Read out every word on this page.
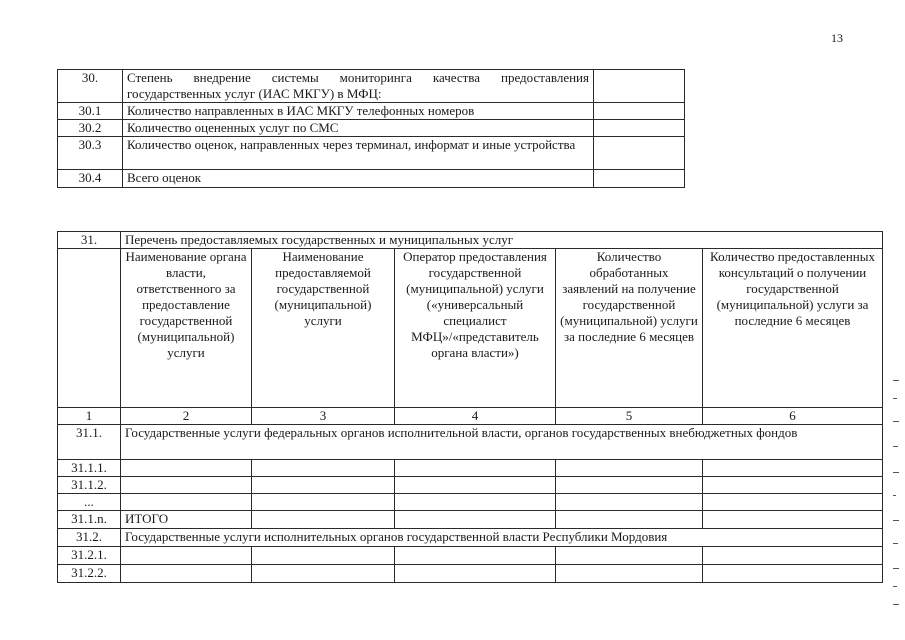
13
30.	Степень внедрение системы мониторинга качества предоставления государственных услуг (ИАС МКГУ) в МФЦ:	
30.1	Количество направленных в ИАС МКГУ телефонных номеров	
30.2	Количество оцененных услуг по СМС	
30.3	Количество оценок, направленных через терминал, информат и иные устройства	
30.4	Всего оценок	
31.	Перечень предоставляемых государственных и муниципальных услуг				
	Наименование органа власти, ответственного за предоставление государственной (муниципальной) услуги	Наименование предоставляемой государственной (муниципальной) услуги	Оператор предоставления государственной (муниципальной) услуги («универсальный специалист МФЦ»/«представитель органа власти»)	Количество обработанных заявлений на получение государственной (муниципальной) услуги за последние 6 месяцев	Количество предоставленных консультаций о получении государственной (муниципальной) услуги за последние 6 месяцев
1	2	3	4	5	6
31.1.	Государственные услуги федеральных органов исполнительной власти, органов государственных внебюджетных фондов				
31.1.1.					
31.1.2.					
...					
31.1.n.	ИТОГО				
31.2.	Государственные услуги исполнительных органов государственной власти Республики Мордовия				
31.2.1.					
31.2.2.					
